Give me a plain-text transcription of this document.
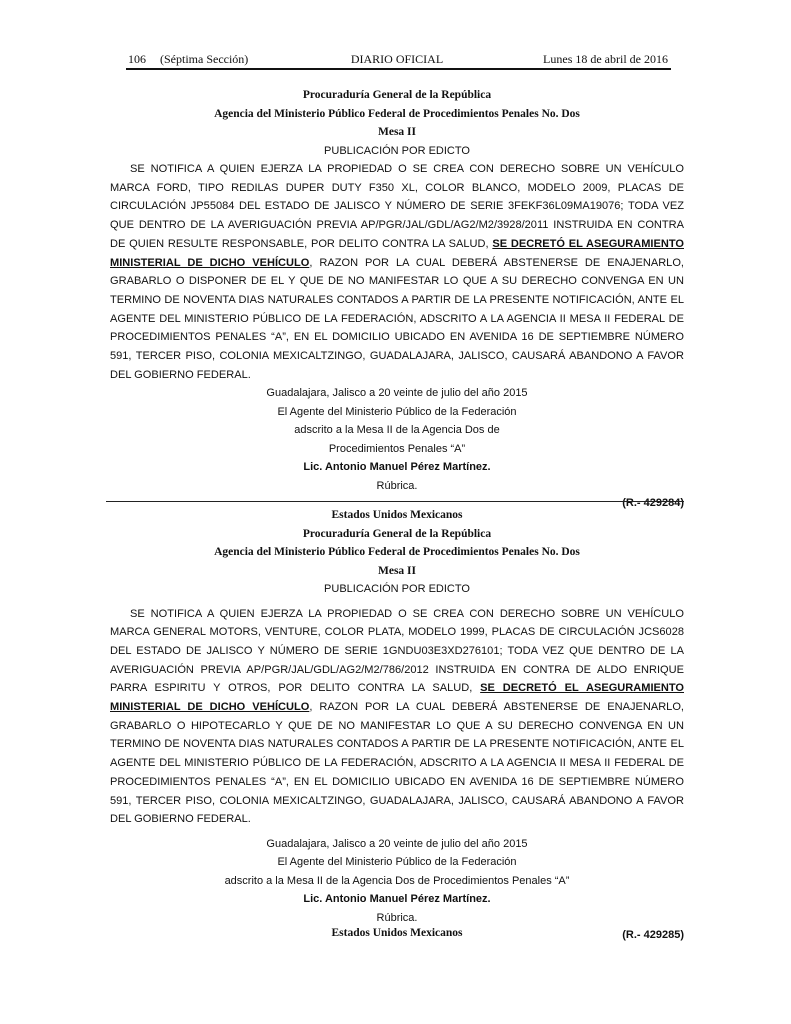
106 (Séptima Sección)	DIARIO OFICIAL	Lunes 18 de abril de 2016
Procuraduría General de la República
Agencia del Ministerio Público Federal de Procedimientos Penales No. Dos
Mesa II
PUBLICACIÓN POR EDICTO

SE NOTIFICA A QUIEN EJERZA LA PROPIEDAD O SE CREA CON DERECHO SOBRE UN VEHÍCULO MARCA FORD, TIPO REDILAS DUPER DUTY F350 XL, COLOR BLANCO, MODELO 2009, PLACAS DE CIRCULACIÓN JP55084 DEL ESTADO DE JALISCO Y NÚMERO DE SERIE 3FEKF36L09MA19076; TODA VEZ QUE DENTRO DE LA AVERIGUACIÓN PREVIA AP/PGR/JAL/GDL/AG2/M2/3928/2011 INSTRUIDA EN CONTRA DE QUIEN RESULTE RESPONSABLE, POR DELITO CONTRA LA SALUD, SE DECRETÓ EL ASEGURAMIENTO MINISTERIAL DE DICHO VEHÍCULO, RAZON POR LA CUAL DEBERÁ ABSTENERSE DE ENAJENARLO, GRABARLO O DISPONER DE EL Y QUE DE NO MANIFESTAR LO QUE A SU DERECHO CONVENGA EN UN TERMINO DE NOVENTA DIAS NATURALES CONTADOS A PARTIR DE LA PRESENTE NOTIFICACIÓN, ANTE EL AGENTE DEL MINISTERIO PÚBLICO DE LA FEDERACIÓN, ADSCRITO A LA AGENCIA II MESA II FEDERAL DE PROCEDIMIENTOS PENALES “A”, EN EL DOMICILIO UBICADO EN AVENIDA 16 DE SEPTIEMBRE NÚMERO 591, TERCER PISO, COLONIA MEXICALTZINGO, GUADALAJARA, JALISCO, CAUSARÁ ABANDONO A FAVOR DEL GOBIERNO FEDERAL.

Guadalajara, Jalisco a 20 veinte de julio del año 2015
El Agente del Ministerio Público de la Federación
adscrito a la Mesa II de la Agencia Dos de
Procedimientos Penales “A”
Lic. Antonio Manuel Pérez Martínez.
Rúbrica.
(R.- 429284)
Estados Unidos Mexicanos
Procuraduría General de la República
Agencia del Ministerio Público Federal de Procedimientos Penales No. Dos
Mesa II
PUBLICACIÓN POR EDICTO

SE NOTIFICA A QUIEN EJERZA LA PROPIEDAD O SE CREA CON DERECHO SOBRE UN VEHÍCULO MARCA GENERAL MOTORS, VENTURE, COLOR PLATA, MODELO 1999, PLACAS DE CIRCULACIÓN JCS6028 DEL ESTADO DE JALISCO Y NÚMERO DE SERIE 1GNDU03E3XD276101; TODA VEZ QUE DENTRO DE LA AVERIGUACIÓN PREVIA AP/PGR/JAL/GDL/AG2/M2/786/2012 INSTRUIDA EN CONTRA DE ALDO ENRIQUE PARRA ESPIRITU Y OTROS, POR DELITO CONTRA LA SALUD, SE DECRETÓ EL ASEGURAMIENTO MINISTERIAL DE DICHO VEHÍCULO, RAZON POR LA CUAL DEBERÁ ABSTENERSE DE ENAJENARLO, GRABARLO O HIPOTECARLO Y QUE DE NO MANIFESTAR LO QUE A SU DERECHO CONVENGA EN UN TERMINO DE NOVENTA DIAS NATURALES CONTADOS A PARTIR DE LA PRESENTE NOTIFICACIÓN, ANTE EL AGENTE DEL MINISTERIO PÚBLICO DE LA FEDERACIÓN, ADSCRITO A LA AGENCIA II MESA II FEDERAL DE PROCEDIMIENTOS PENALES “A”, EN EL DOMICILIO UBICADO EN AVENIDA 16 DE SEPTIEMBRE NÚMERO 591, TERCER PISO, COLONIA MEXICALTZINGO, GUADALAJARA, JALISCO, CAUSARÁ ABANDONO A FAVOR DEL GOBIERNO FEDERAL.

Guadalajara, Jalisco a 20 veinte de julio del año 2015
El Agente del Ministerio Público de la Federación
adscrito a la Mesa II de la Agencia Dos de Procedimientos Penales “A”
Lic. Antonio Manuel Pérez Martínez.
Rúbrica.
(R.- 429285)
Estados Unidos Mexicanos
